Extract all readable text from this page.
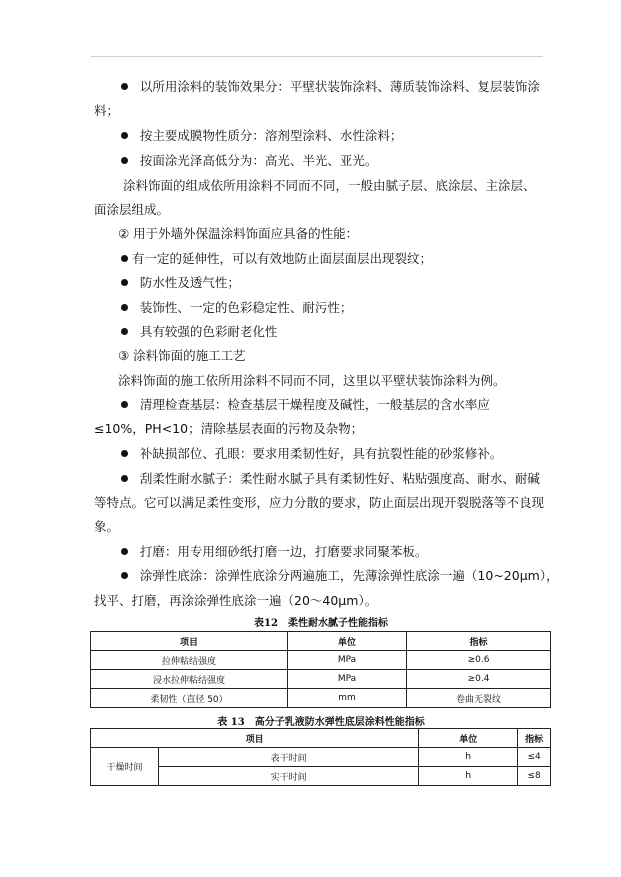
以所用涂料的装饰效果分：平壁状装饰涂料、薄质装饰涂料、复层装饰涂
料；
按主要成膜物性质分：溶剂型涂料、水性涂料；
按面涂光泽高低分为：高光、半光、亚光。
涂料饰面的组成依所用涂料不同而不同，一般由腻子层、底涂层、主涂层、
面涂层组成。
② 用于外墙外保温涂料饰面应具备的性能：
有一定的延伸性，可以有效地防止面层面层出现裂纹；
防水性及透气性；
装饰性、一定的色彩稳定性、耐污性；
具有较强的色彩耐老化性
③ 涂料饰面的施工工艺
涂料饰面的施工依所用涂料不同而不同，这里以平壁状装饰涂料为例。
清理检查基层：检查基层干燥程度及碱性，一般基层的含水率应
≤10%，PH<10；清除基层表面的污物及杂物；
补缺损部位、孔眼：要求用柔韧性好，具有抗裂性能的砂浆修补。
刮柔性耐水腻子：柔性耐水腻子具有柔韧性好、粘贴强度高、耐水、耐碱
等特点。它可以满足柔性变形，应力分散的要求，防止面层出现开裂脱落等不良现
象。
打磨：用专用细砂纸打磨一边，打磨要求同聚苯板。
涂弹性底涂：涂弹性底涂分两遍施工，先薄涂弹性底涂一遍（10~20μm），
找平、打磨，再涂涂弹性底涂一遍（20～40μm）。
表12　柔性耐水腻子性能指标
项目	单位	指标
拉伸粘结强度	MPa	≥0.6
浸水拉伸粘结强度	MPa	≥0.4
柔韧性（直径 50）	mm	卷曲无裂纹
表 13　高分子乳液防水弹性底层涂料性能指标
项目		单位	指标
干燥时间	表干时间	h	≤4
	实干时间	h	≤8
